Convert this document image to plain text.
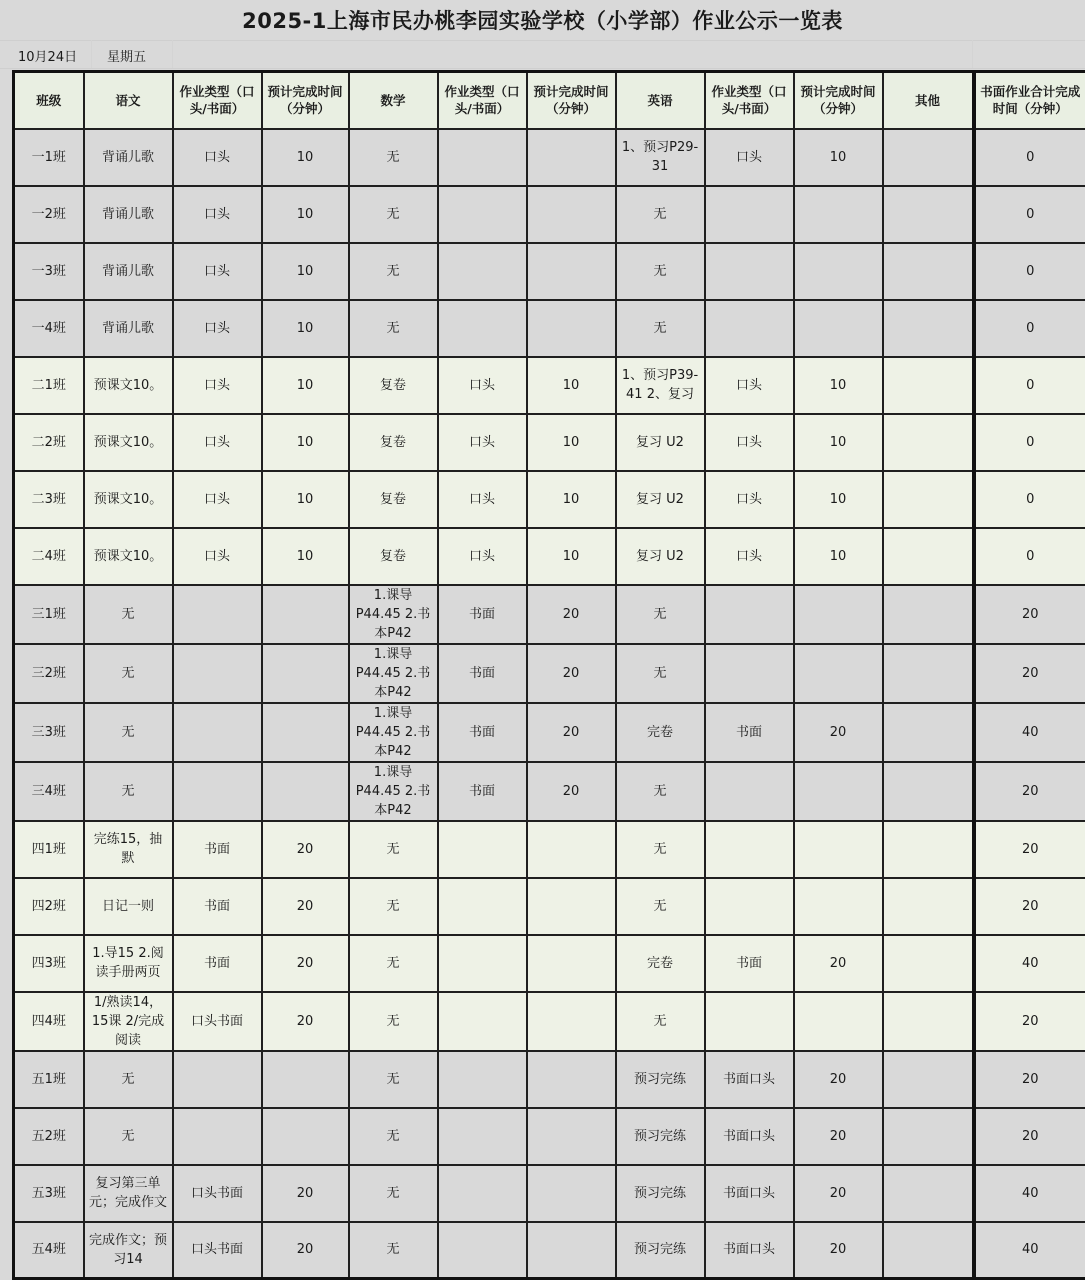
2025-1上海市民办桃李园实验学校（小学部）作业公示一览表
10月24日 星期五
班级	语文	作业类型（口头/书面）	预计完成时间（分钟）	数学	作业类型（口头/书面）	预计完成时间（分钟）	英语	作业类型（口头/书面）	预计完成时间（分钟）	其他	书面作业合计完成时间（分钟）

一1班	背诵儿歌	口头	10	无			1、预习P29-31	口头	10		0

一2班	背诵儿歌	口头	10	无			无				0

一3班	背诵儿歌	口头	10	无			无				0

一4班	背诵儿歌	口头	10	无			无				0

二1班	预课文10。	口头	10	复卷	口头	10	1、预习P39-41 2、复习	口头	10		0

二2班	预课文10。	口头	10	复卷	口头	10	复习 U2	口头	10		0

二3班	预课文10。	口头	10	复卷	口头	10	复习 U2	口头	10		0

二4班	预课文10。	口头	10	复卷	口头	10	复习 U2	口头	10		0

三1班	无			1.课导P44.45 2.书本P42	书面	20	无				20

三2班	无			1.课导P44.45 2.书本P42	书面	20	无				20

三3班	无			1.课导P44.45 2.书本P42	书面	20	完卷	书面	20		40

三4班	无			1.课导P44.45 2.书本P42	书面	20	无				20

四1班	完练15，抽默	书面	20	无			无				20

四2班	日记一则	书面	20	无			无				20

四3班	1.导15 2.阅读手册两页	书面	20	无			完卷	书面	20		40

四4班	1/熟读14，15课 2/完成阅读	口头书面	20	无			无				20

五1班	无			无			预习完练	书面口头	20		20

五2班	无			无			预习完练	书面口头	20		20

五3班	复习第三单元；完成作文	口头书面	20	无			预习完练	书面口头	20		40

五4班	完成作文；预习14	口头书面	20	无			预习完练	书面口头	20		40
